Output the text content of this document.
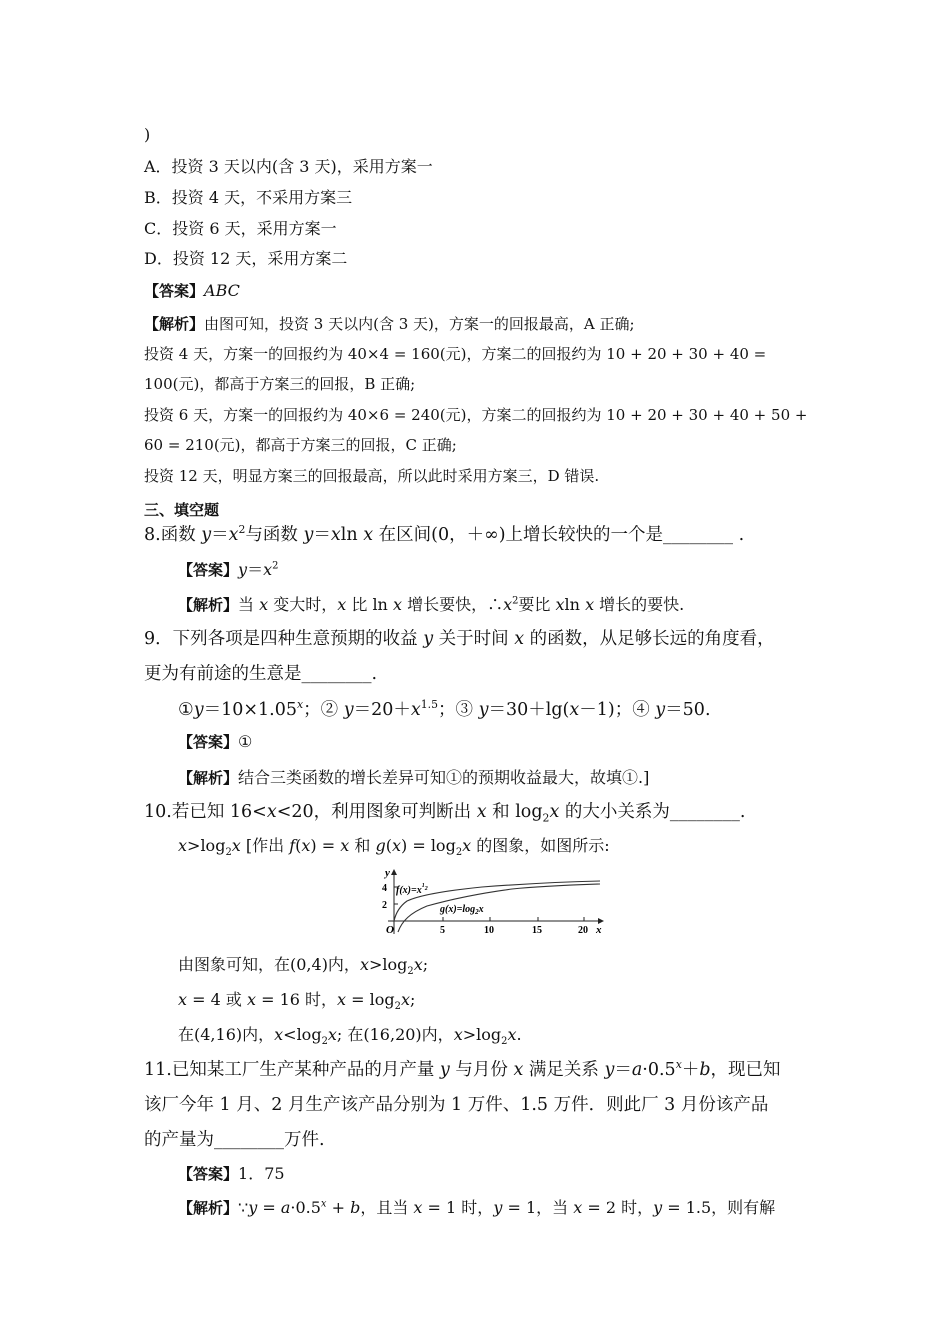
)
A．投资 3 天以内(含 3 天)，采用方案一
B．投资 4 天，不采用方案三
C．投资 6 天，采用方案一
D．投资 12 天，采用方案二
【答案】ABC
【解析】由图可知，投资 3 天以内(含 3 天)，方案一的回报最高，A 正确;
投资 4 天，方案一的回报约为 40×4 = 160(元)，方案二的回报约为 10 + 20 + 30 + 40 =
100(元)，都高于方案三的回报，B 正确;
投资 6 天，方案一的回报约为 40×6 = 240(元)，方案二的回报约为 10 + 20 + 30 + 40 + 50 +
60 = 210(元)，都高于方案三的回报，C 正确;
投资 12 天，明显方案三的回报最高，所以此时采用方案三，D 错误.
三、填空题
8.函数 $y=x^2$与函数 y＝xln x 在区间(0，＋∞)上增长较快的一个是________ .
【答案】$y=x^2$
【解析】当 x 变大时，x 比 ln x 增长要快，$\therefore x^2$要比 xln x 增长的要快.
9．下列各项是四种生意预期的收益 y 关于时间 x 的函数，从足够长远的角度看，
更为有前途的生意是________.
$①y=10\times 1.05^x$；② $y=20+x^{1.5}$；③ y＝30＋lg(x－1)；④ y＝50.
【答案】①
【解析】结合三类函数的增长差异可知①的预期收益最大，故填①.]
10.若已知 16<x<20，利用图象可判断出 x 和 $\log_2x$ 的大小关系为________.
$x>\log_2x$ [作出 f(x) = x 和 $g(x) = \log_2x$ 的图象，如图所示:
y
x
O
2
4
5	10	15	20
$f(x)=x^1_2$
$g(x)=\log_2x$
由图象可知，在(0,4)内，$x>\log_2x$;
x = 4 或 x = 16 时，$x = \log_2x$;
在(4,16)内，$x<\log_2x$; 在(16,20)内，$x>\log_2x$.
11.已知某工厂生产某种产品的月产量 y 与月份 x 满足关系 $y=a\cdot 0.5^x+b$，现已知
该厂今年 1 月、2 月生产该产品分别为 1 万件、1.5 万件．则此厂 3 月份该产品
的产量为________万件.
【答案】1．75
【解析】∵y = $a\cdot 0.5^x + b$，且当 x = 1 时，y = 1，当 x = 2 时，y = 1.5，则有解
